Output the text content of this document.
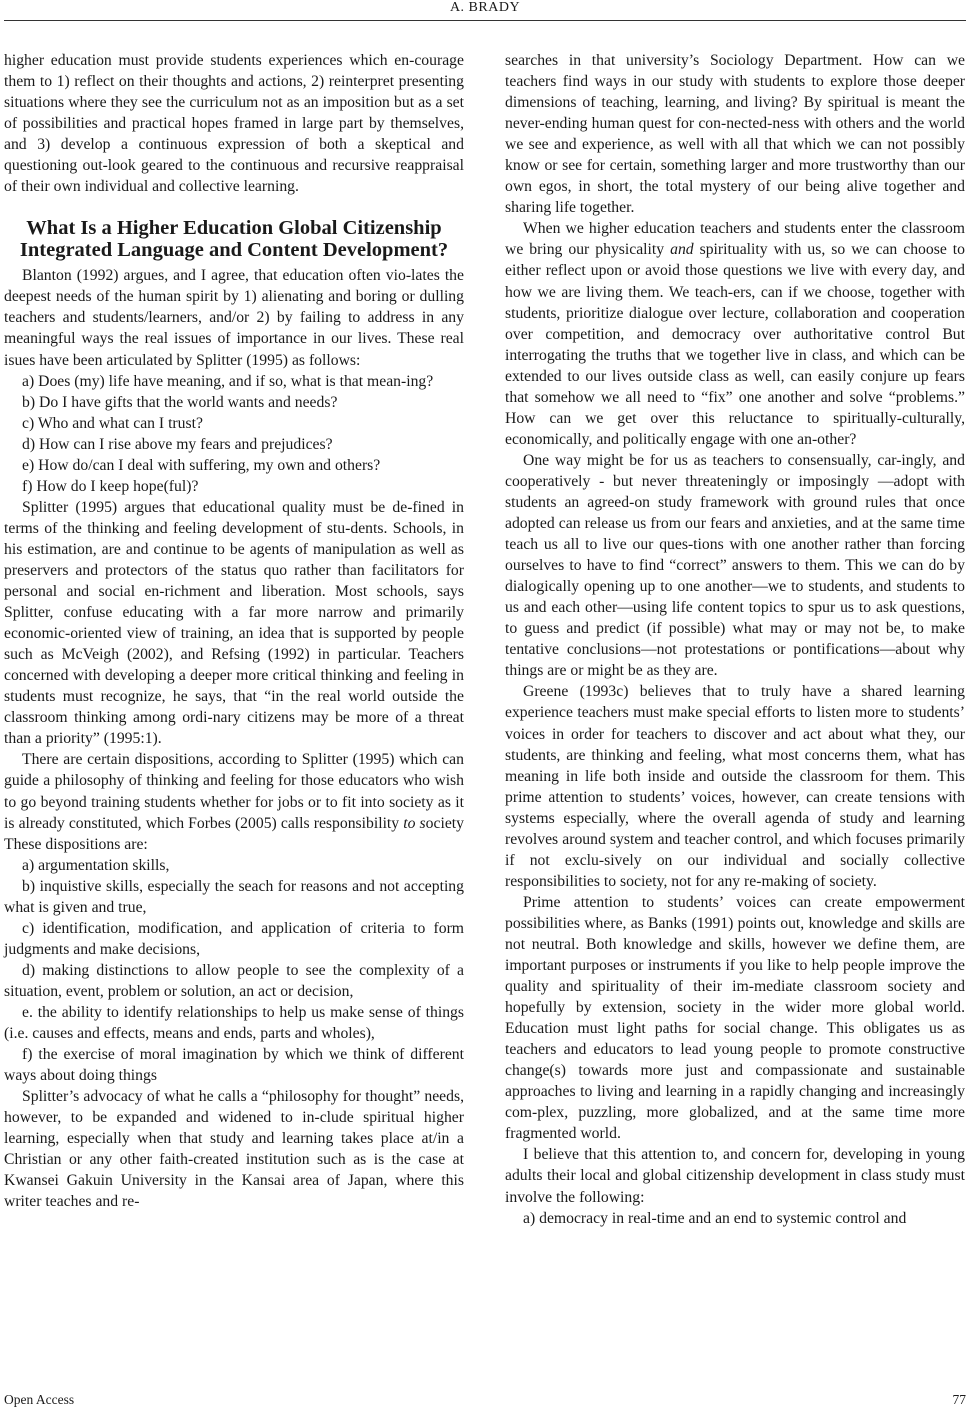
A. BRADY

higher education must provide students experiences which en-courage them to 1) reflect on their thoughts and actions, 2) reinterpret presenting situations where they see the curriculum not as an imposition but as a set of possibilities and practical hopes framed in large part by themselves, and 3) develop a continuous expression of both a skeptical and questioning out-look geared to the continuous and recursive reappraisal of their own individual and collective learning.

What Is a Higher Education Global Citizenship
Integrated Language and Content Development?

Blanton (1992) argues, and I agree, that education often vio-lates the deepest needs of the human spirit by 1) alienating and boring or dulling teachers and students/learners, and/or 2) by failing to address in any meaningful ways the real issues of importance in our lives. These real isues have been articulated by Splitter (1995) as follows:

a) Does (my) life have meaning, and if so, what is that mean-ing?

b) Do I have gifts that the world wants and needs?

c) Who and what can I trust?

d) How can I rise above my fears and prejudices?

e) How do/can I deal with suffering, my own and others?

f) How do I keep hope(ful)?

Splitter (1995) argues that educational quality must be de-fined in terms of the thinking and feeling development of stu-dents. Schools, in his estimation, are and continue to be agents of manipulation as well as preservers and protectors of the status quo rather than facilitators for personal and social en-richment and liberation. Most schools, says Splitter, confuse educating with a far more narrow and primarily economic-oriented view of training, an idea that is supported by people such as McVeigh (2002), and Refsing (1992) in particular. Teachers concerned with developing a deeper more critical thinking and feeling in students must recognize, he says, that “in the real world outside the classroom thinking among ordi-nary citizens may be more of a threat than a priority” (1995:1).

There are certain dispositions, according to Splitter (1995) which can guide a philosophy of thinking and feeling for those educators who wish to go beyond training students whether for jobs or to fit into society as it is already constituted, which Forbes (2005) calls responsibility to society These dispositions are:

a) argumentation skills,

b) inquistive skills, especially the seach for reasons and not accepting what is given and true,

c) identification, modification, and application of criteria to form judgments and make decisions,

d) making distinctions to allow people to see the complexity of a situation, event, problem or solution, an act or decision,

e. the ability to identify relationships to help us make sense of things (i.e. causes and effects, means and ends, parts and wholes),

f) the exercise of moral imagination by which we think of different ways about doing things

Splitter’s advocacy of what he calls a “philosophy for thought” needs, however, to be expanded and widened to in-clude spiritual higher learning, especially when that study and learning takes place at/in a Christian or any other faith-created institution such as is the case at Kwansei Gakuin University in the Kansai area of Japan, where this writer teaches and re-

searches in that university’s Sociology Department. How can we teachers find ways in our study with students to explore those deeper dimensions of teaching, learning, and living? By spiritual is meant the never-ending human quest for con-nected-ness with others and the world we see and experience, as well with all that which we can not possibly know or see for certain, something larger and more trustworthy than our own egos, in short, the total mystery of our being alive together and sharing life together.

When we higher education teachers and students enter the classroom we bring our physicality and spirituality with us, so we can choose to either reflect upon or avoid those questions we live with every day, and how we are living them. We teach-ers, can if we choose, together with students, prioritize dialogue over lecture, collaboration and cooperation over competition, and democracy over authoritative control But interrogating the truths that we together live in class, and which can be extended to our lives outside class as well, can easily conjure up fears that somehow we all need to “fix” one another and solve “problems.” How can we get over this reluctance to spiritually-culturally, economically, and politically engage with one an-other?

One way might be for us as teachers to consensually, car-ingly, and cooperatively - but never threateningly or imposingly —adopt with students an agreed-on study framework with ground rules that once adopted can release us from our fears and anxieties, and at the same time teach us all to live our ques-tions with one another rather than forcing ourselves to have to find “correct” answers to them. This we can do by dialogically opening up to one another—we to students, and students to us and each other—using life content topics to spur us to ask questions, to guess and predict (if possible) what may or may not be, to make tentative conclusions—not protestations or pontifications—about why things are or might be as they are.

Greene (1993c) believes that to truly have a shared learning experience teachers must make special efforts to listen more to students’ voices in order for teachers to discover and act about what they, our students, are thinking and feeling, what most concerns them, what has meaning in life both inside and outside the classroom for them. This prime attention to students’ voices, however, can create tensions with systems especially, where the overall agenda of study and learning revolves around system and teacher control, and which focuses primarily if not exclu-sively on our individual and socially collective responsibilities to society, not for any re-making of society.

Prime attention to students’ voices can create empowerment possibilities where, as Banks (1991) points out, knowledge and skills are not neutral. Both knowledge and skills, however we define them, are important purposes or instruments if you like to help people improve the quality and spirituality of their im-mediate classroom society and hopefully by extension, society in the wider more global world. Education must light paths for social change. This obligates us as teachers and educators to lead young people to promote constructive change(s) towards more just and compassionate and sustainable approaches to living and learning in a rapidly changing and increasingly com-plex, puzzling, more globalized, and at the same time more fragmented world.

I believe that this attention to, and concern for, developing in young adults their local and global citizenship development in class study must involve the following:

a) democracy in real-time and an end to systemic control and

Open Access	77
